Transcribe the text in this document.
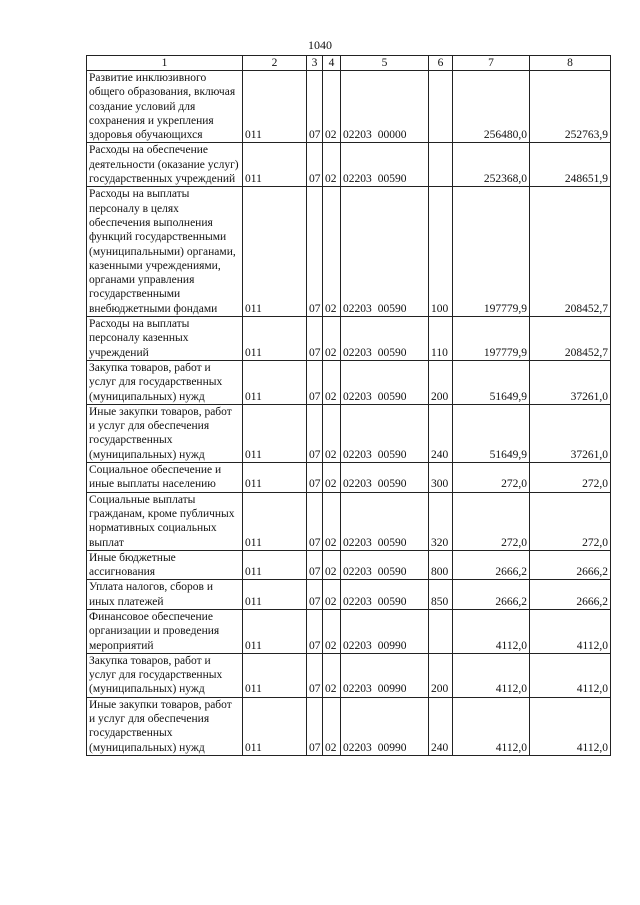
1040
1	2	3	4	5	6	7	8
Развитие инклюзивного общего образования, включая создание условий для сохранения и укрепления здоровья обучающихся	011	07	02	02203 00000		256480,0	252763,9
Расходы на обеспечение деятельности (оказание услуг) государственных учреждений	011	07	02	02203 00590		252368,0	248651,9
Расходы на выплаты персоналу в целях обеспечения выполнения функций государственными (муниципальными) органами, казенными учреждениями, органами управления государственными внебюджетными фондами	011	07	02	02203 00590	100	197779,9	208452,7
Расходы на выплаты персоналу казенных учреждений	011	07	02	02203 00590	110	197779,9	208452,7
Закупка товаров, работ и услуг для государственных (муниципальных) нужд	011	07	02	02203 00590	200	51649,9	37261,0
Иные закупки товаров, работ и услуг для обеспечения государственных (муниципальных) нужд	011	07	02	02203 00590	240	51649,9	37261,0
Социальное обеспечение и иные выплаты населению	011	07	02	02203 00590	300	272,0	272,0
Социальные выплаты гражданам, кроме публичных нормативных социальных выплат	011	07	02	02203 00590	320	272,0	272,0
Иные бюджетные ассигнования	011	07	02	02203 00590	800	2666,2	2666,2
Уплата налогов, сборов и иных платежей	011	07	02	02203 00590	850	2666,2	2666,2
Финансовое обеспечение организации и проведения мероприятий	011	07	02	02203 00990		4112,0	4112,0
Закупка товаров, работ и услуг для государственных (муниципальных) нужд	011	07	02	02203 00990	200	4112,0	4112,0
Иные закупки товаров, работ и услуг для обеспечения государственных (муниципальных) нужд	011	07	02	02203 00990	240	4112,0	4112,0
